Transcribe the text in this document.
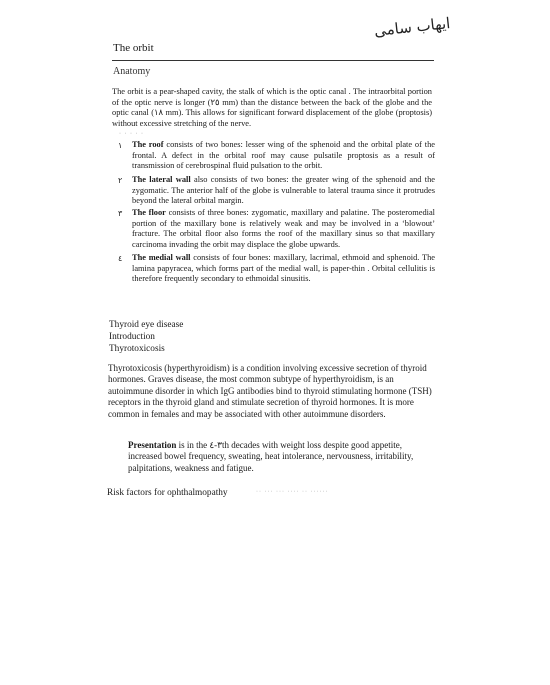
ایهاب سامی
The orbit
Anatomy
The orbit is a pear-shaped cavity, the stalk of which is the optic canal . The intraorbital portion of the optic nerve is longer (٢٥ mm) than the distance between the back of the globe and the optic canal (١٨ mm). This allows for significant forward displacement of the globe (proptosis) without excessive stretching of the nerve.
· · · · ·
١ The roof consists of two bones: lesser wing of the sphenoid and the orbital plate of the frontal. A defect in the orbital roof may cause pulsatile proptosis as a result of transmission of cerebrospinal fluid pulsation to the orbit.
٢ The lateral wall also consists of two bones: the greater wing of the sphenoid and the zygomatic. The anterior half of the globe is vulnerable to lateral trauma since it protrudes beyond the lateral orbital margin.
٣ The floor consists of three bones: zygomatic, maxillary and palatine. The posteromedial portion of the maxillary bone is relatively weak and may be involved in a ‘blowout’ fracture. The orbital floor also forms the roof of the maxillary sinus so that maxillary carcinoma invading the orbit may displace the globe upwards.
٤ The medial wall consists of four bones: maxillary, lacrimal, ethmoid and sphenoid. The lamina papyracea, which forms part of the medial wall, is paper-thin . Orbital cellulitis is therefore frequently secondary to ethmoidal sinusitis.
Thyroid eye disease
Introduction
Thyrotoxicosis
Thyrotoxicosis (hyperthyroidism) is a condition involving excessive secretion of thyroid hormones. Graves disease, the most common subtype of hyperthyroidism, is an autoimmune disorder in which IgG antibodies bind to thyroid stimulating hormone (TSH) receptors in the thyroid gland and stimulate secretion of thyroid hormones. It is more common in females and may be associated with other autoimmune disorders.
Presentation is in the ٣-٤th decades with weight loss despite good appetite, increased bowel frequency, sweating, heat intolerance, nervousness, irritability, palpitations, weakness and fatigue.
Risk factors for ophthalmopathy	·· ··· ··· ···· ·· ······
